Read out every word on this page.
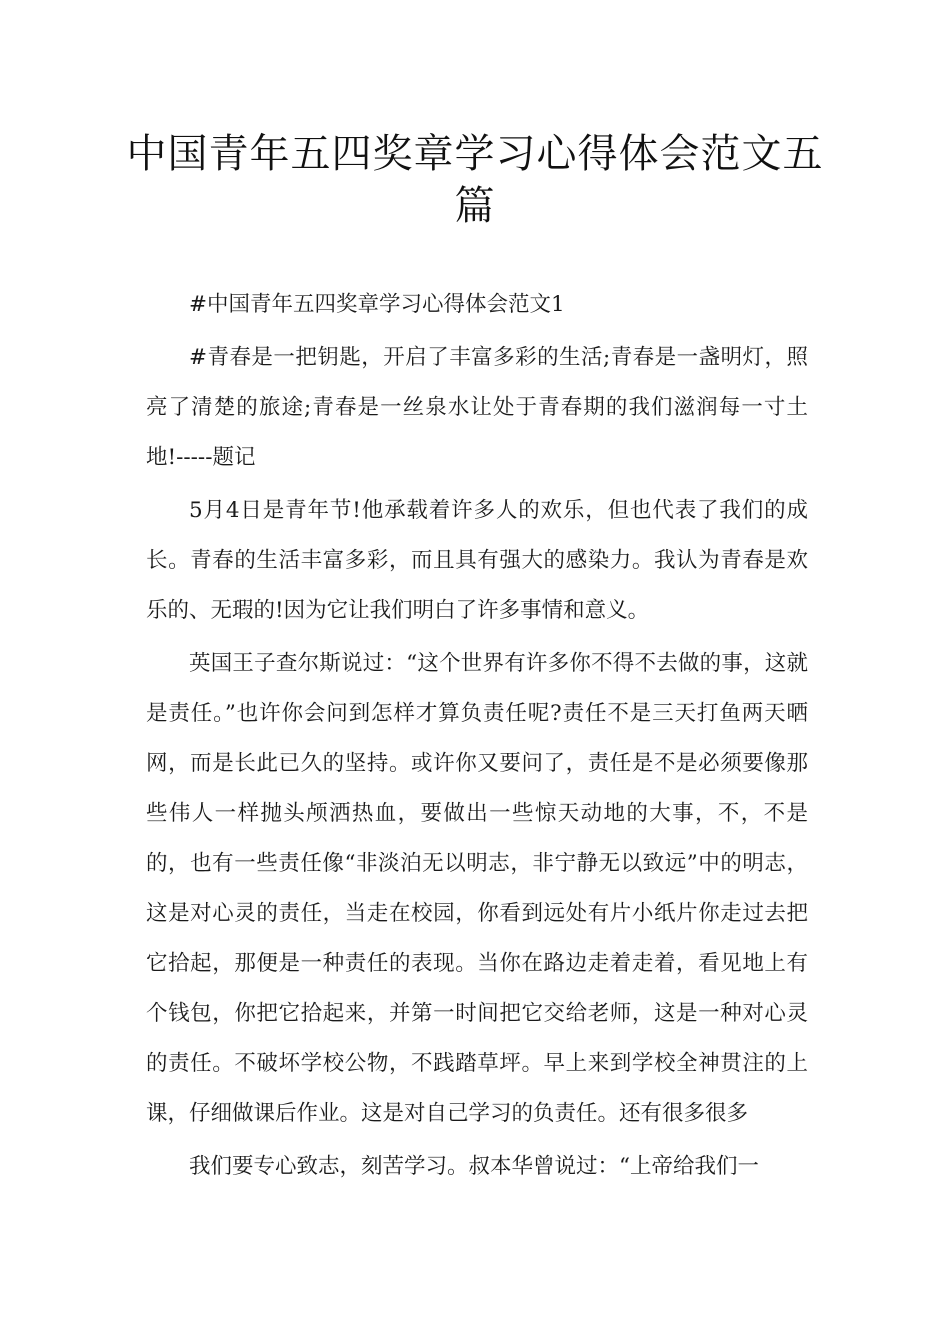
中国青年五四奖章学习心得体会范文五篇

#中国青年五四奖章学习心得体会范文1

#青春是一把钥匙，开启了丰富多彩的生活;青春是一盏明灯，照亮了清楚的旅途;青春是一丝泉水让处于青春期的我们滋润每一寸土地!-----题记

5月4日是青年节!他承载着许多人的欢乐，但也代表了我们的成长。青春的生活丰富多彩，而且具有强大的感染力。我认为青春是欢乐的、无瑕的!因为它让我们明白了许多事情和意义。

英国王子查尔斯说过：“这个世界有许多你不得不去做的事，这就是责任。”也许你会问到怎样才算负责任呢?责任不是三天打鱼两天晒网，而是长此已久的坚持。或许你又要问了，责任是不是必须要像那些伟人一样抛头颅洒热血，要做出一些惊天动地的大事，不，不是的，也有一些责任像“非淡泊无以明志，非宁静无以致远”中的明志，这是对心灵的责任，当走在校园，你看到远处有片小纸片你走过去把它拾起，那便是一种责任的表现。当你在路边走着走着，看见地上有个钱包，你把它拾起来，并第一时间把它交给老师，这是一种对心灵的责任。不破坏学校公物，不践踏草坪。早上来到学校全神贯注的上课，仔细做课后作业。这是对自己学习的负责任。还有很多很多

我们要专心致志，刻苦学习。叔本华曾说过：“上帝给我们一
